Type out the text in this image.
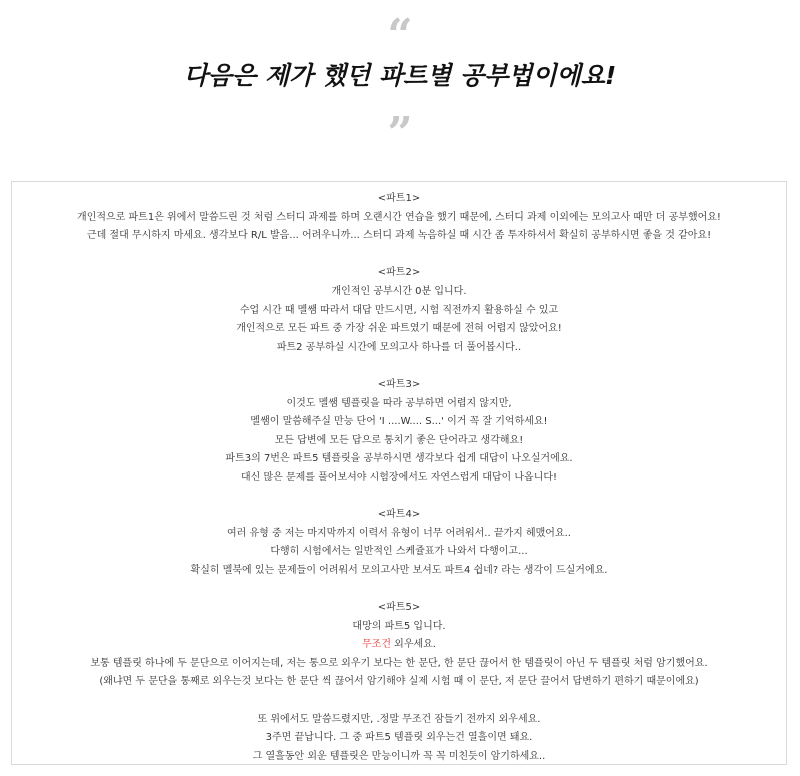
“
다음은 제가 했던 파트별 공부법이에요!
”
<파트1>
개인적으로 파트1은 위에서 말씀드린 것 처럼 스터디 과제를 하며 오랜시간 연습을 했기 때문에, 스터디 과제 이외에는 모의고사 때만 더 공부했어요!
근데 절대 무시하지 마세요. 생각보다 R/L 발음... 어려우니까... 스터디 과제 녹음하실 때 시간 좀 투자하셔서 확실히 공부하시면 좋을 것 같아요!
<파트2>
개인적인 공부시간 0분 입니다.
수업 시간 때 멜쌤 따라서 대답 만드시면, 시험 직전까지 활용하실 수 있고
개인적으로 모든 파트 중 가장 쉬운 파트였기 때문에 전혀 어렵지 않았어요!
파트2 공부하실 시간에 모의고사 하나를 더 풀어봅시다..
<파트3>
이것도 멜쌤 템플릿을 따라 공부하면 어렵지 않지만,
멜쌤이 말씀해주실 만능 단어 'I ....W.... S...' 이거 꼭 잘 기억하세요!
모든 답변에 모든 답으로 통치기 좋은 단어라고 생각해요!
파트3의 7번은 파트5 템플릿을 공부하시면 생각보다 쉽게 대답이 나오실거에요.
대신 많은 문제를 풀어보셔야 시험장에서도 자연스럽게 대답이 나옵니다!
<파트4>
여러 유형 중 저는 마지막까지 이력서 유형이 너무 어려워서.. 끝가지 헤맸어요..
다행히 시험에서는 일반적인 스케쥴표가 나와서 다행이고...
확실히 멜북에 있는 문제들이 어려워서 모의고사만 보셔도 파트4 쉽네? 라는 생각이 드실거에요.
<파트5>
대망의 파트5 입니다.
무조건 외우세요.
보통 템플릿 하나에 두 문단으로 이어지는데, 저는 통으로 외우기 보다는 한 문단, 한 문단 끊어서 한 템플릿이 아닌 두 템플릿 처럼 암기했어요.
(왜냐면 두 문단을 통째로 외우는것 보다는 한 문단 씩 끊어서 암기해야 실제 시험 때 이 문단, 저 문단 끌어서 답변하기 편하기 때문이에요)
또 위에서도 말씀드렸지만, .정말 무조건 잠들기 전까지 외우세요.
3주면 끝납니다. 그 중 파트5 템플릿 외우는건 열흘이면 돼요.
그 열흘동안 외운 템플릿은 만능이니까 꼭 꼭 미친듯이 암기하세요..
